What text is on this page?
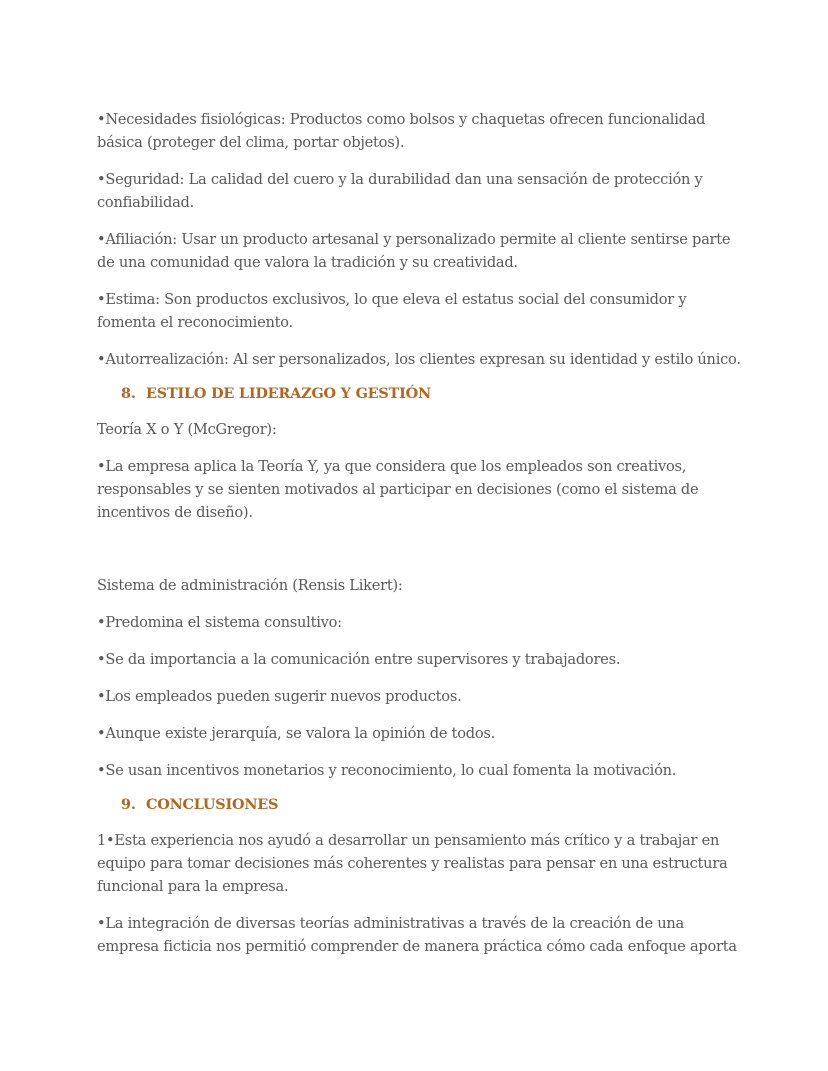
•Necesidades fisiológicas: Productos como bolsos y chaquetas ofrecen funcionalidad básica (proteger del clima, portar objetos).

•Seguridad: La calidad del cuero y la durabilidad dan una sensación de protección y confiabilidad.

•Afiliación: Usar un producto artesanal y personalizado permite al cliente sentirse parte de una comunidad que valora la tradición y su creatividad.

•Estima: Son productos exclusivos, lo que eleva el estatus social del consumidor y fomenta el reconocimiento.

•Autorrealización: Al ser personalizados, los clientes expresan su identidad y estilo único.

8. ESTILO DE LIDERAZGO Y GESTIÓN

Teoría X o Y (McGregor):

•La empresa aplica la Teoría Y, ya que considera que los empleados son creativos, responsables y se sienten motivados al participar en decisiones (como el sistema de incentivos de diseño).

Sistema de administración (Rensis Likert):

•Predomina el sistema consultivo:

•Se da importancia a la comunicación entre supervisores y trabajadores.

•Los empleados pueden sugerir nuevos productos.

•Aunque existe jerarquía, se valora la opinión de todos.

•Se usan incentivos monetarios y reconocimiento, lo cual fomenta la motivación.

9. CONCLUSIONES

1•Esta experiencia nos ayudó a desarrollar un pensamiento más crítico y a trabajar en equipo para tomar decisiones más coherentes y realistas para pensar en una estructura funcional para la empresa.

•La integración de diversas teorías administrativas a través de la creación de una empresa ficticia nos permitió comprender de manera práctica cómo cada enfoque aporta
